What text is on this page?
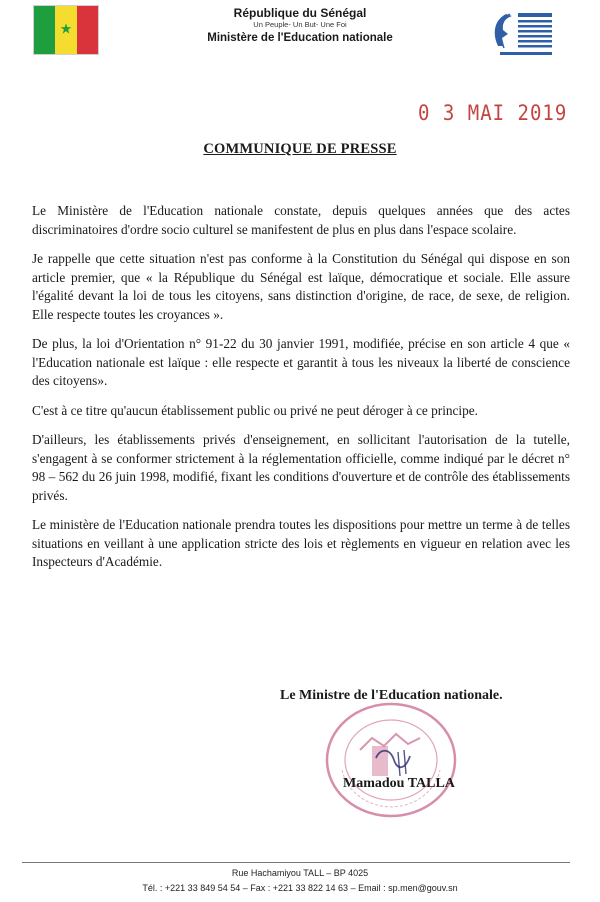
★
République du Sénégal
Un Peuple- Un But- Une Foi
Ministère de l'Education nationale
0 3 MAI 2019
COMMUNIQUE DE PRESSE

Le Ministère de l'Education nationale constate, depuis quelques années que des actes discriminatoires d'ordre socio culturel se manifestent de plus en plus dans l'espace scolaire.

Je rappelle que cette situation n'est pas conforme à la Constitution du Sénégal qui dispose en son article premier, que « la République du Sénégal est laïque, démocratique et sociale. Elle assure l'égalité devant la loi de tous les citoyens, sans distinction d'origine, de race, de sexe, de religion. Elle respecte toutes les croyances ».

De plus, la loi d'Orientation n° 91-22 du 30 janvier 1991, modifiée, précise en son article 4 que « l'Education nationale est laïque : elle respecte et garantit à tous les niveaux la liberté de conscience des citoyens».

C'est à ce titre qu'aucun établissement public ou privé ne peut déroger à ce principe.

D'ailleurs, les établissements privés d'enseignement, en sollicitant l'autorisation de la tutelle, s'engagent à se conformer strictement à la réglementation officielle, comme indiqué par le décret n° 98 – 562 du 26 juin 1998, modifié, fixant les conditions d'ouverture et de contrôle des établissements privés.

Le ministère de l'Education nationale prendra toutes les dispositions pour mettre un terme à de telles situations en veillant à une application stricte des lois et règlements en vigueur en relation avec les Inspecteurs d'Académie.

Le Ministre de l'Education nationale.
Mamadou TALLA
Rue Hachamiyou TALL – BP 4025
Tél. : +221 33 849 54 54 – Fax : +221 33 822 14 63 – Email : sp.men@gouv.sn
